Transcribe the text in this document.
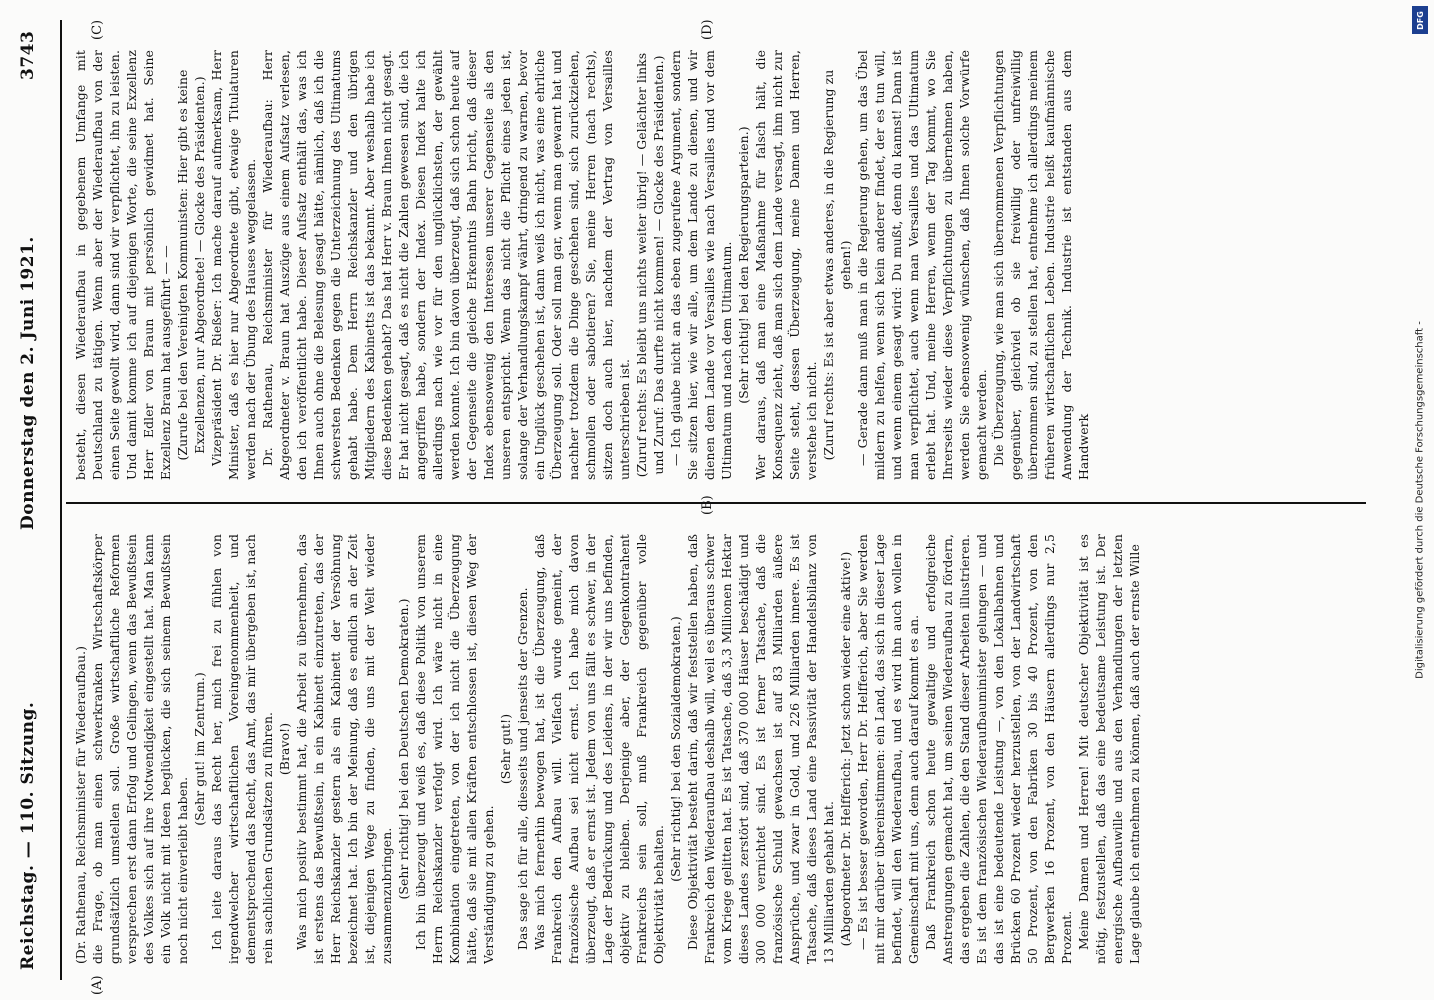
Reichstag. — 110. Sitzung.
Donnerstag den 2. Juni 1921.
3743
(A)
(B)
(C)	(D)

(Dr. Rathenau, Reichsminister für Wiederaufbau.) die Frage, ob man einen schwerkranken Wirtschaftskörper grundsätzlich umstellen soll. Große wirtschaftliche Reformen versprechen erst dann Erfolg und Gelingen, wenn das Bewußtsein des Volkes sich auf ihre Notwendigkeit eingestellt hat. Man kann ein Volk nicht mit Ideen beglücken, die sich seinem Bewußtsein noch nicht einverleibt haben.

(Sehr gut! im Zentrum.) Ich leite daraus das Recht her, mich frei zu fühlen von irgendwelcher wirtschaftlichen Voreingenommenheit, und dementsprechend das Recht, das Amt, das mir übergeben ist, nach rein sachlichen Grundsätzen zu führen. (Bravo!) Was mich positiv bestimmt hat, die Arbeit zu übernehmen, das ist erstens das Bewußtsein, in ein Kabinett einzutreten, das der Herr Reichskanzler gestern als ein Kabinett der Versöhnung bezeichnet hat. Ich bin der Meinung, daß es endlich an der Zeit ist, diejenigen Wege zu finden, die uns mit der Welt wieder zusammenzubringen. (Sehr richtig! bei den Deutschen Demokraten.) Ich bin überzeugt und weiß es, daß diese Politik von unserem Herrn Reichskanzler verfolgt wird. Ich wäre nicht in eine Kombination eingetreten, von der ich nicht die Überzeugung hätte, daß sie mit allen Kräften entschlossen ist, diesen Weg der Verständigung zu gehen.

(Sehr gut!) Das sage ich für alle, diesseits und jenseits der Grenzen. Was mich fernerhin bewogen hat, ist die Überzeugung, daß Frankreich den Aufbau will. Vielfach wurde gemeint, der französische Aufbau sei nicht ernst. Ich habe mich davon überzeugt, daß er ernst ist. Jedem von uns fällt es schwer, in der Lage der Bedrückung und des Leidens, in der wir uns befinden, objektiv zu bleiben. Derjenige aber, der Gegenkontrahent Frankreichs sein soll, muß Frankreich gegenüber volle Objektivität behalten.

(Sehr richtig! bei den Sozialdemokraten.) Diese Objektivität besteht darin, daß wir feststellen haben, daß Frankreich den Wiederaufbau deshalb will, weil es überaus schwer vom Kriege gelitten hat. Es ist Tatsache, daß 3,3 Millionen Hektar dieses Landes zerstört sind, daß 370 000 Häuser beschädigt und 300 000 vernichtet sind. Es ist ferner Tatsache, daß die französische Schuld gewachsen ist auf 83 Milliarden äußere Ansprüche, und zwar in Gold, und 226 Milliarden innere. Es ist Tatsache, daß dieses Land eine Passivität der Handelsbilanz von 13 Milliarden gehabt hat. (Abgeordneter Dr. Helfferich: Jetzt schon wieder eine aktive!) — Es ist besser geworden, Herr Dr. Helfferich, aber Sie werden mit mir darüber übereinstimmen: ein Land, das sich in dieser Lage befindet, will den Wiederaufbau, und es wird ihn auch wollen in Gemeinschaft mit uns, denn auch darauf kommt es an. Daß Frankreich schon heute gewaltige und erfolgreiche Anstrengungen gemacht hat, um seinen Wiederaufbau zu fördern, das ergeben die Zahlen, die den Stand dieser Arbeiten illustrieren. Es ist dem französischen Wiederaufbauminister gelungen — und das ist eine bedeutende Leistung —, von den Lokalbahnen und Brücken 60 Prozent wieder herzustellen, von der Landwirtschaft 50 Prozent, von den Fabriken 30 bis 40 Prozent, von den Bergwerken 16 Prozent, von den Häusern allerdings nur 2,5 Prozent. Meine Damen und Herren! Mit deutscher Objektivität ist es nötig, festzustellen, daß das eine bedeutsame Leistung ist. Der energische Aufbauwille und aus den Verhandlungen der letzten Lage glaube ich entnehmen zu können, daß auch der ernste Wille

besteht, diesen Wiederaufbau in gegebenem Umfange mit Deutschland zu tätigen. Wenn aber der Wiederaufbau von der einen Seite gewollt wird, dann sind wir verpflichtet, ihn zu leisten. Und damit komme ich auf diejenigen Worte, die seine Exzellenz Herr Edler von Braun mit persönlich gewidmet hat. Seine Exzellenz Braun hat ausgeführt — — (Zurufe bei den Vereinigten Kommunisten: Hier gibt es keine Exzellenzen, nur Abgeordnete! — Glocke des Präsidenten.) Vizepräsident Dr. Rießer: Ich mache darauf aufmerksam, Herr Minister, daß es hier nur Abgeordnete gibt, etwaige Titulaturen werden nach der Übung des Hauses weggelassen. Dr. Rathenau, Reichsminister für Wiederaufbau: Herr Abgeordneter v. Braun hat Auszüge aus einem Aufsatz verlesen, den ich veröffentlicht habe. Dieser Aufsatz enthält das, was ich Ihnen auch ohne die Belesung gesagt hätte, nämlich, daß ich die schwersten Bedenken gegen die Unterzeichnung des Ultimatums gehabt habe. Dem Herrn Reichskanzler und den übrigen Mitgliedern des Kabinetts ist das bekannt. Aber weshalb habe ich diese Bedenken gehabt? Das hat Herr v. Braun Ihnen nicht gesagt. Er hat nicht gesagt, daß es nicht die Zahlen gewesen sind, die ich angegriffen habe, sondern der Index. Diesen Index halte ich allerdings nach wie vor für den unglücklichsten, der gewählt werden konnte. Ich bin davon überzeugt, daß sich schon heute auf der Gegenseite die gleiche Erkenntnis Bahn bricht, daß dieser Index ebensowenig den Interessen unserer Gegenseite als den unseren entspricht. Wenn das nicht die Pflicht eines jeden ist, solange der Verhandlungskampf währt, dringend zu warnen, bevor ein Unglück geschehen ist, dann weiß ich nicht, was eine ehrliche Überzeugung soll. Oder soll man gar, wenn man gewarnt hat und nachher trotzdem die Dinge geschehen sind, sich zurückziehen, schmollen oder sabotieren? Sie, meine Herren (nach rechts), sitzen doch auch hier, nachdem der Vertrag von Versailles unterschrieben ist. (Zuruf rechts: Es bleibt uns nichts weiter übrig! — Gelächter links und Zuruf: Das durfte nicht kommen! — Glocke des Präsidenten.) — Ich glaube nicht an das eben zugerufene Argument, sondern Sie sitzen hier, wie wir alle, um dem Lande zu dienen, und wir dienen dem Lande vor Versailles wie nach Versailles und vor dem Ultimatum und nach dem Ultimatum. (Sehr richtig! bei den Regierungsparteien.) Wer daraus, daß man eine Maßnahme für falsch hält, die Konsequenz zieht, daß man sich dem Lande versagt, ihm nicht zur Seite steht, dessen Überzeugung, meine Damen und Herren, verstehe ich nicht. (Zuruf rechts: Es ist aber etwas anderes, in die Regierung zu gehen!) — Gerade dann muß man in die Regierung gehen, um das Übel mildern zu helfen, wenn sich kein anderer findet, der es tun will, und wenn einem gesagt wird: Du mußt, denn du kannst! Dann ist man verpflichtet, auch wenn man Versailles und das Ultimatum erlebt hat. Und, meine Herren, wenn der Tag kommt, wo Sie Ihrerseits wieder diese Verpflichtungen zu übernehmen haben, werden Sie ebensowenig wünschen, daß Ihnen solche Vorwürfe gemacht werden. Die Überzeugung, wie man sich übernommenen Verpflichtungen gegenüber, gleichviel ob sie freiwillig oder unfreiwillig übernommen sind, zu stellen hat, entnehme ich allerdings meinem früheren wirtschaftlichen Leben. Industrie heißt kaufmännische Anwendung der Technik. Industrie ist entstanden aus dem Handwerk	Digitalisierung gefördert durch die Deutsche Forschungsgemeinschaft -
DFG
